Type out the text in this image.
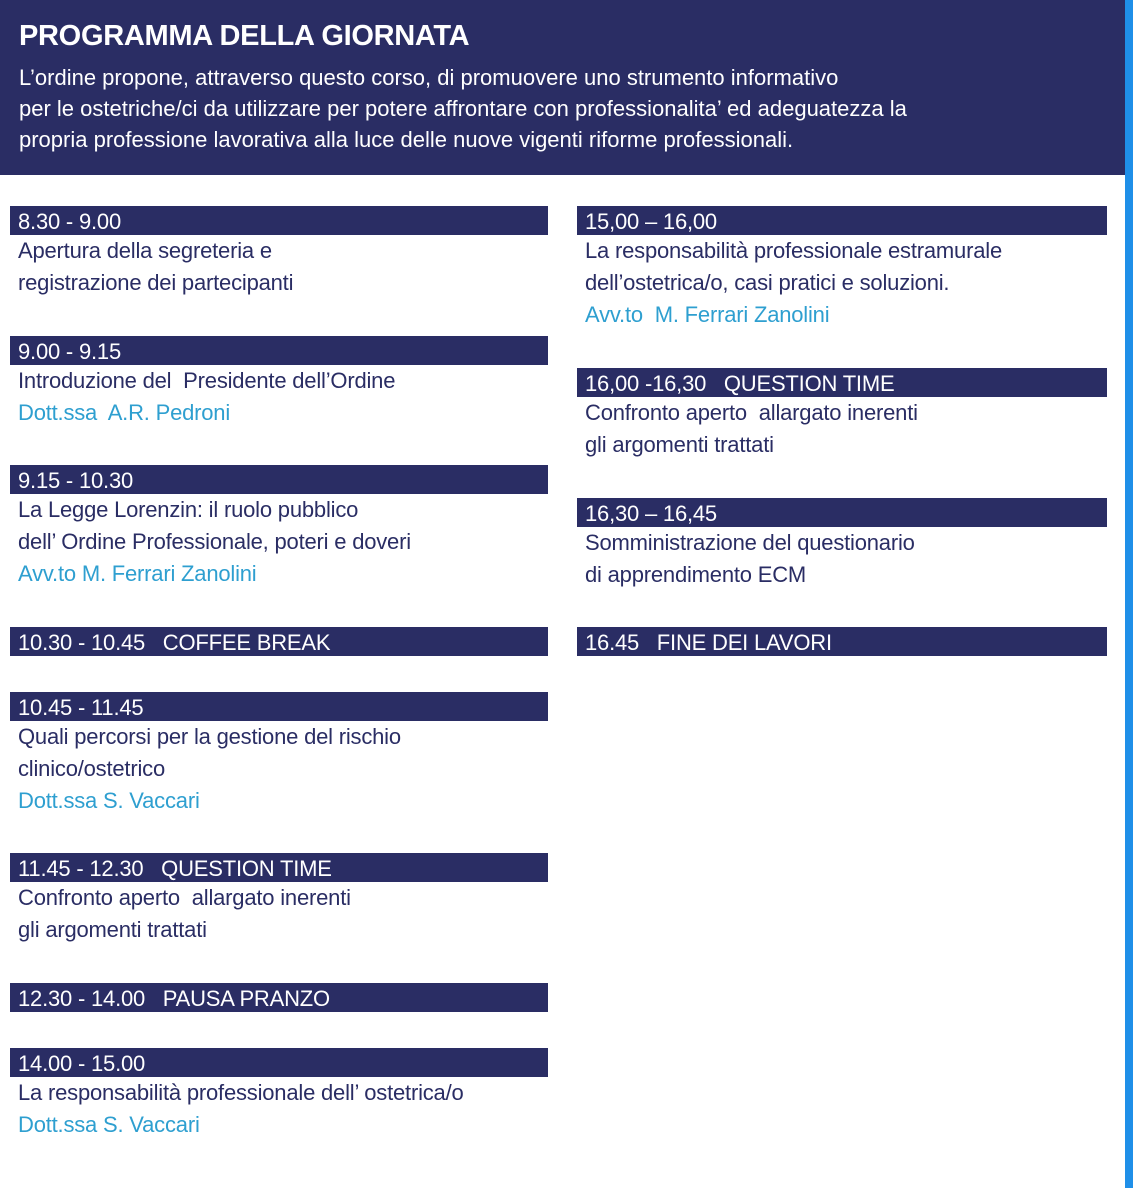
PROGRAMMA DELLA GIORNATA

L’ordine propone, attraverso questo corso, di promuovere uno strumento informativo
per le ostetriche/ci da utilizzare per potere affrontare con professionalita’ ed adeguatezza la
propria professione lavorativa alla luce delle nuove vigenti riforme professionali.

8.30 - 9.00
Apertura della segreteria e
registrazione dei partecipanti
9.00 - 9.15
Introduzione del  Presidente dell’Ordine
Dott.ssa  A.R. Pedroni
9.15 - 10.30
La Legge Lorenzin: il ruolo pubblico
dell’ Ordine Professionale, poteri e doveri
Avv.to M. Ferrari Zanolini
10.30 - 10.45   COFFEE BREAK
10.45 - 11.45
Quali percorsi per la gestione del rischio
clinico/ostetrico
Dott.ssa S. Vaccari
11.45 - 12.30   QUESTION TIME
Confronto aperto  allargato inerenti
gli argomenti trattati
12.30 - 14.00   PAUSA PRANZO
14.00 - 15.00
La responsabilità professionale dell’ ostetrica/o
Dott.ssa S. Vaccari
15,00 – 16,00
La responsabilità professionale estramurale
dell’ostetrica/o, casi pratici e soluzioni.
Avv.to  M. Ferrari Zanolini
16,00 -16,30   QUESTION TIME
Confronto aperto  allargato inerenti
gli argomenti trattati
16,30 – 16,45
Somministrazione del questionario
di apprendimento ECM
16.45   FINE DEI LAVORI
